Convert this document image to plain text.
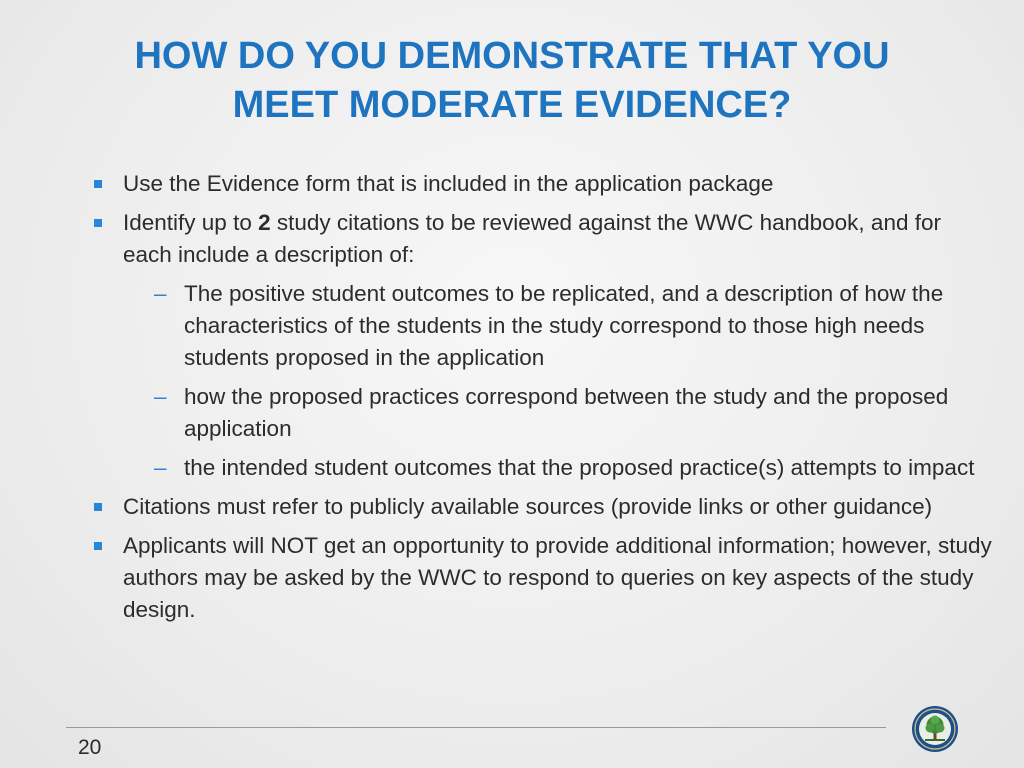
HOW DO YOU DEMONSTRATE THAT YOU
MEET MODERATE EVIDENCE?
Use the Evidence form that is included in the application package
Identify up to 2 study citations to be reviewed against the WWC handbook, and for each include a description of:
– The positive student outcomes to be replicated, and a description of how the characteristics of the students in the study correspond to those high needs students proposed in the application
– how the proposed practices correspond between the study and the proposed application
– the intended student outcomes that the proposed practice(s) attempts to impact
Citations must refer to publicly available sources (provide links or other guidance)
Applicants will NOT get an opportunity to provide additional information; however, study authors may be asked by the WWC to respond to queries on key aspects of the study design.
20
